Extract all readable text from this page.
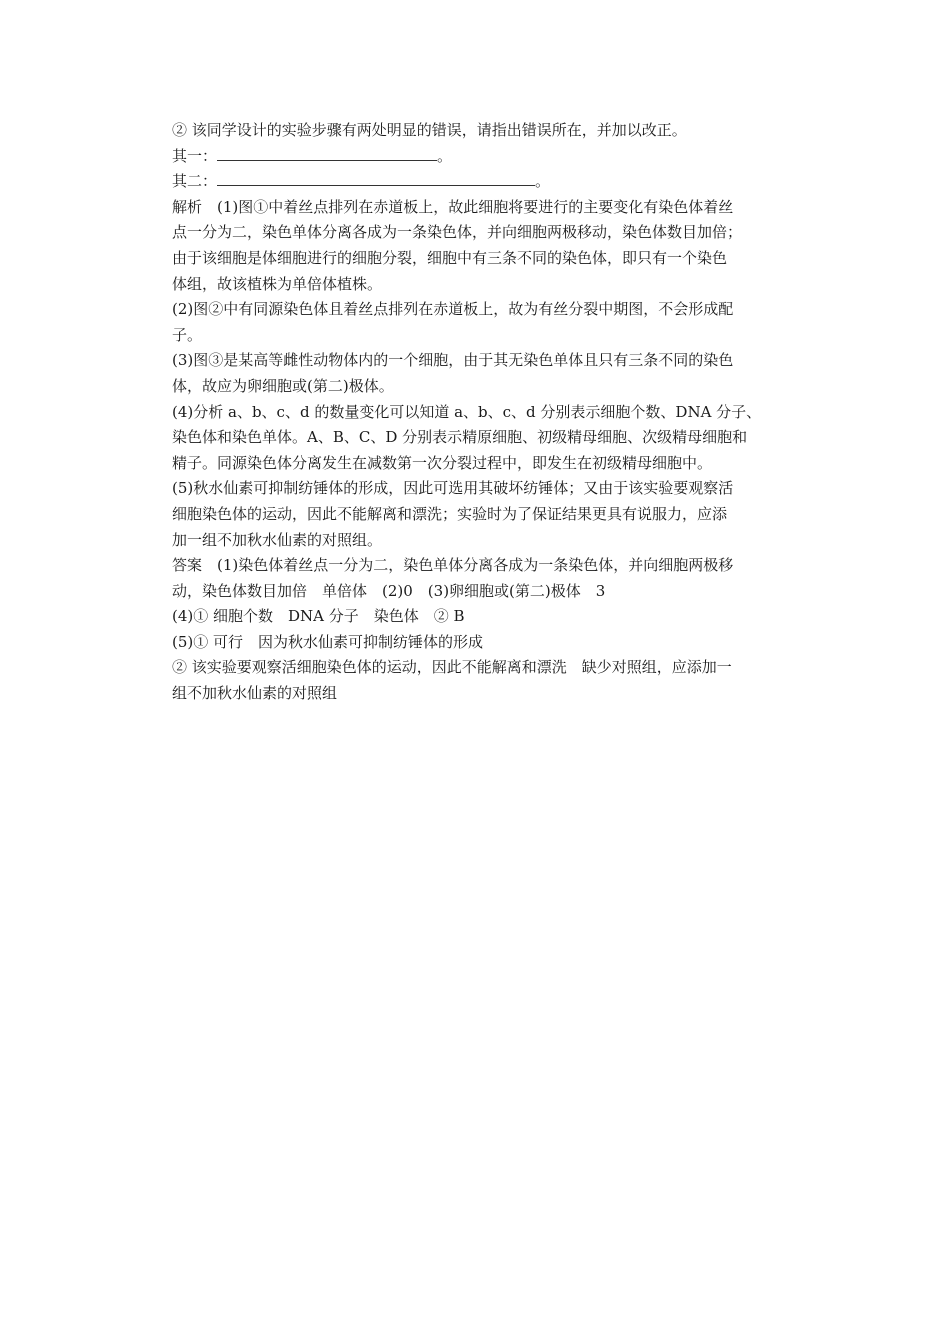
② 该同学设计的实验步骤有两处明显的错误，请指出错误所在，并加以改正。
其一：	。
其二：	。
解析　(1)图①中着丝点排列在赤道板上，故此细胞将要进行的主要变化有染色体着丝
点一分为二，染色单体分离各成为一条染色体，并向细胞两极移动，染色体数目加倍；
由于该细胞是体细胞进行的细胞分裂，细胞中有三条不同的染色体，即只有一个染色
体组，故该植株为单倍体植株。
(2)图②中有同源染色体且着丝点排列在赤道板上，故为有丝分裂中期图，不会形成配
子。
(3)图③是某高等雌性动物体内的一个细胞，由于其无染色单体且只有三条不同的染色
体，故应为卵细胞或(第二)极体。
(4)分析 a、b、c、d 的数量变化可以知道 a、b、c、d 分别表示细胞个数、DNA 分子、
染色体和染色单体。A、B、C、D 分别表示精原细胞、初级精母细胞、次级精母细胞和
精子。同源染色体分离发生在减数第一次分裂过程中，即发生在初级精母细胞中。
(5)秋水仙素可抑制纺锤体的形成，因此可选用其破坏纺锤体；又由于该实验要观察活
细胞染色体的运动，因此不能解离和漂洗；实验时为了保证结果更具有说服力，应添
加一组不加秋水仙素的对照组。
答案　(1)染色体着丝点一分为二，染色单体分离各成为一条染色体，并向细胞两极移
动，染色体数目加倍　单倍体　(2)0　(3)卵细胞或(第二)极体　3
(4)① 细胞个数　DNA 分子　染色体　② B
(5)① 可行　因为秋水仙素可抑制纺锤体的形成
② 该实验要观察活细胞染色体的运动，因此不能解离和漂洗　缺少对照组，应添加一
组不加秋水仙素的对照组
